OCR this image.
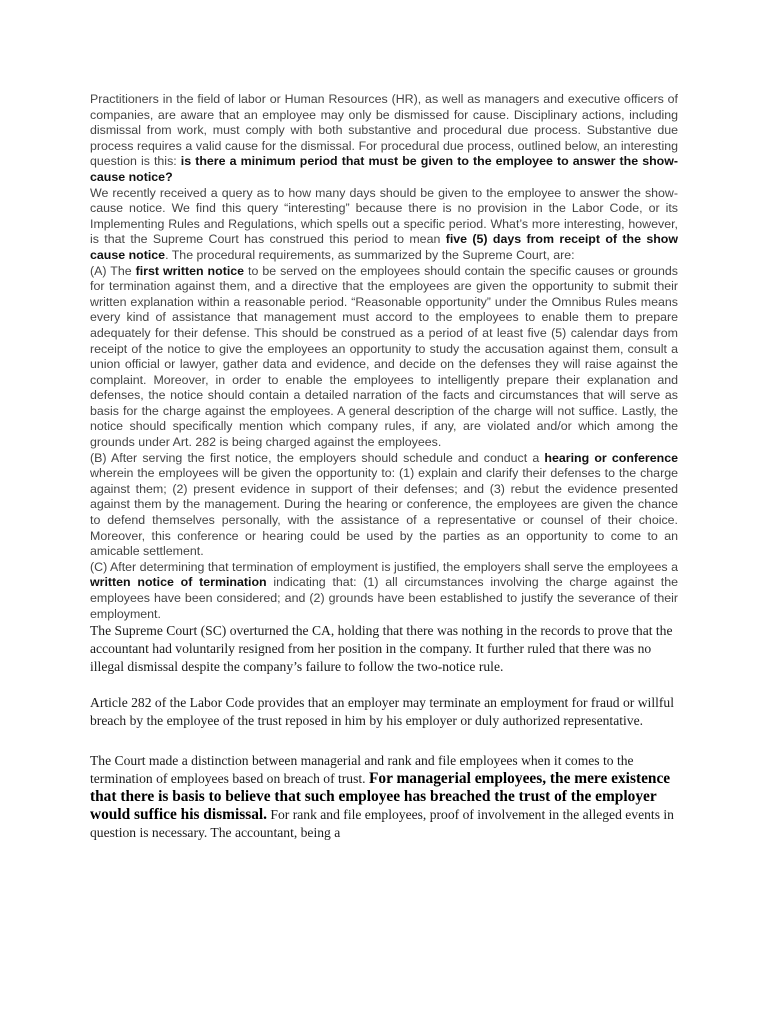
Practitioners in the field of labor or Human Resources (HR), as well as managers and executive officers of companies, are aware that an employee may only be dismissed for cause. Disciplinary actions, including dismissal from work, must comply with both substantive and procedural due process. Substantive due process requires a valid cause for the dismissal. For procedural due process, outlined below, an interesting question is this: is there a minimum period that must be given to the employee to answer the show-cause notice?

We recently received a query as to how many days should be given to the employee to answer the show-cause notice. We find this query “interesting” because there is no provision in the Labor Code, or its Implementing Rules and Regulations, which spells out a specific period. What’s more interesting, however, is that the Supreme Court has construed this period to mean five (5) days from receipt of the show cause notice. The procedural requirements, as summarized by the Supreme Court, are:

(A) The first written notice to be served on the employees should contain the specific causes or grounds for termination against them, and a directive that the employees are given the opportunity to submit their written explanation within a reasonable period. “Reasonable opportunity” under the Omnibus Rules means every kind of assistance that management must accord to the employees to enable them to prepare adequately for their defense. This should be construed as a period of at least five (5) calendar days from receipt of the notice to give the employees an opportunity to study the accusation against them, consult a union official or lawyer, gather data and evidence, and decide on the defenses they will raise against the complaint. Moreover, in order to enable the employees to intelligently prepare their explanation and defenses, the notice should contain a detailed narration of the facts and circumstances that will serve as basis for the charge against the employees. A general description of the charge will not suffice. Lastly, the notice should specifically mention which company rules, if any, are violated and/or which among the grounds under Art. 282 is being charged against the employees.

(B) After serving the first notice, the employers should schedule and conduct a hearing or conference wherein the employees will be given the opportunity to: (1) explain and clarify their defenses to the charge against them; (2) present evidence in support of their defenses; and (3) rebut the evidence presented against them by the management. During the hearing or conference, the employees are given the chance to defend themselves personally, with the assistance of a representative or counsel of their choice. Moreover, this conference or hearing could be used by the parties as an opportunity to come to an amicable settlement.

(C) After determining that termination of employment is justified, the employers shall serve the employees a written notice of termination indicating that: (1) all circumstances involving the charge against the employees have been considered; and (2) grounds have been established to justify the severance of their employment.

The Supreme Court (SC) overturned the CA, holding that there was nothing in the records to prove that the accountant had voluntarily resigned from her position in the company. It further ruled that there was no illegal dismissal despite the company’s failure to follow the two-notice rule.

Article 282 of the Labor Code provides that an employer may terminate an employment for fraud or willful breach by the employee of the trust reposed in him by his employer or duly authorized representative.

The Court made a distinction between managerial and rank and file employees when it comes to the termination of employees based on breach of trust. For managerial employees, the mere existence that there is basis to believe that such employee has breached the trust of the employer would suffice his dismissal. For rank and file employees, proof of involvement in the alleged events in question is necessary. The accountant, being a
